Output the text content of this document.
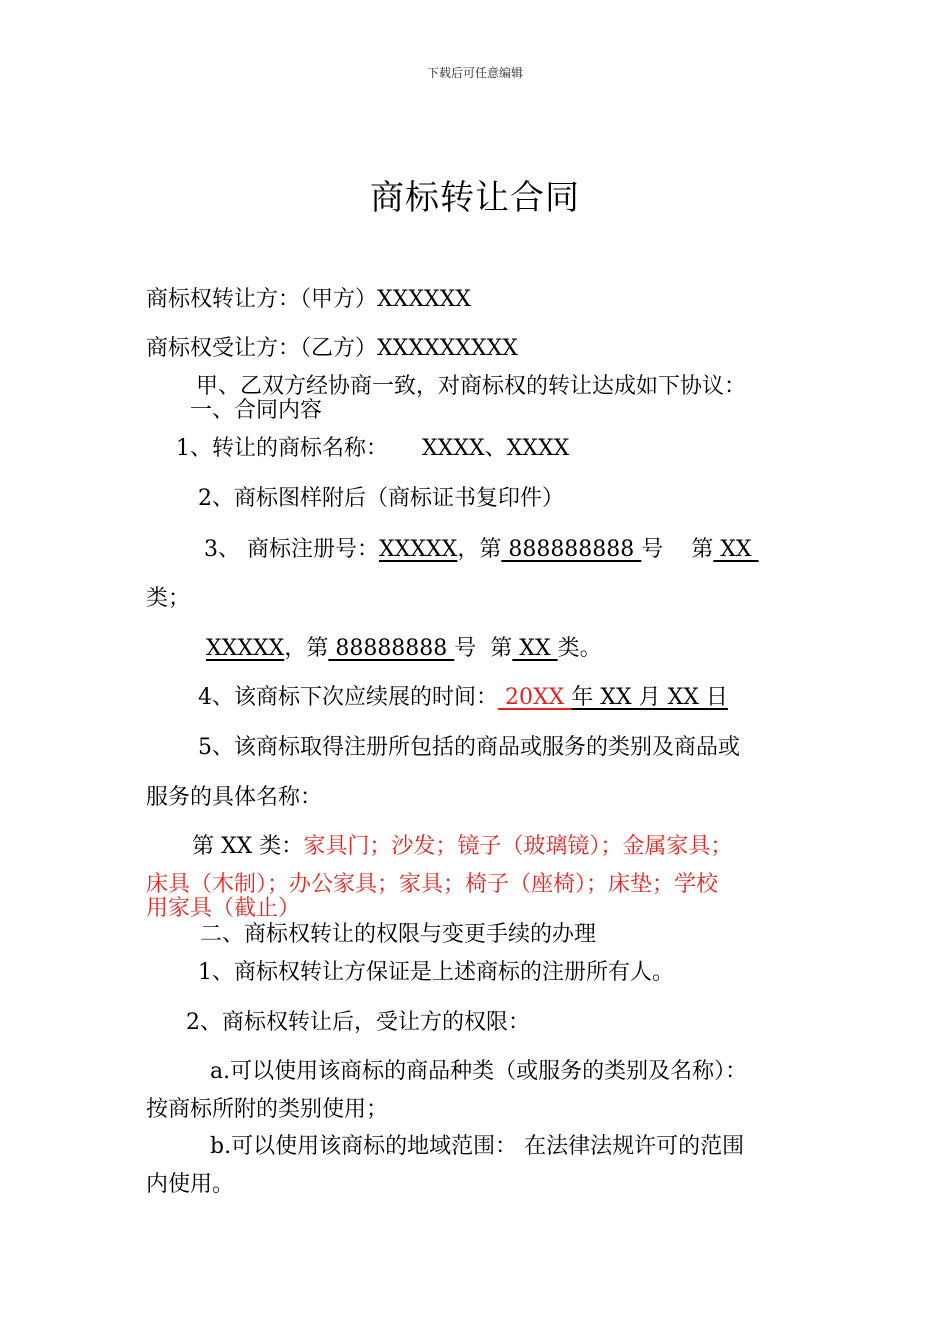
下载后可任意编辑
商标转让合同
商标权转让方：（甲方）XXXXXX
商标权受让方：（乙方）XXXXXXXXX
甲、乙双方经协商一致，对商标权的转让达成如下协议：
一、合同内容
1、转让的商标名称： XXXX、XXXX
2、商标图样附后（商标证书复印件）
3、 商标注册号：XXXXX，第 888888888 号    第 XX
类；
XXXXX，第 88888888 号  第 XX 类。
4、该商标下次应续展的时间： 20XX 年 XX 月 XX 日
5、该商标取得注册所包括的商品或服务的类别及商品或
服务的具体名称：
第 XX 类：家具门；沙发；镜子（玻璃镜）；金属家具；
床具（木制）；办公家具；家具；椅子（座椅）；床垫；学校
用家具（截止）
二、商标权转让的权限与变更手续的办理
1、商标权转让方保证是上述商标的注册所有人。
2、商标权转让后，受让方的权限：
a.可以使用该商标的商品种类（或服务的类别及名称）：
按商标所附的类别使用；
b.可以使用该商标的地域范围： 在法律法规许可的范围
内使用。
